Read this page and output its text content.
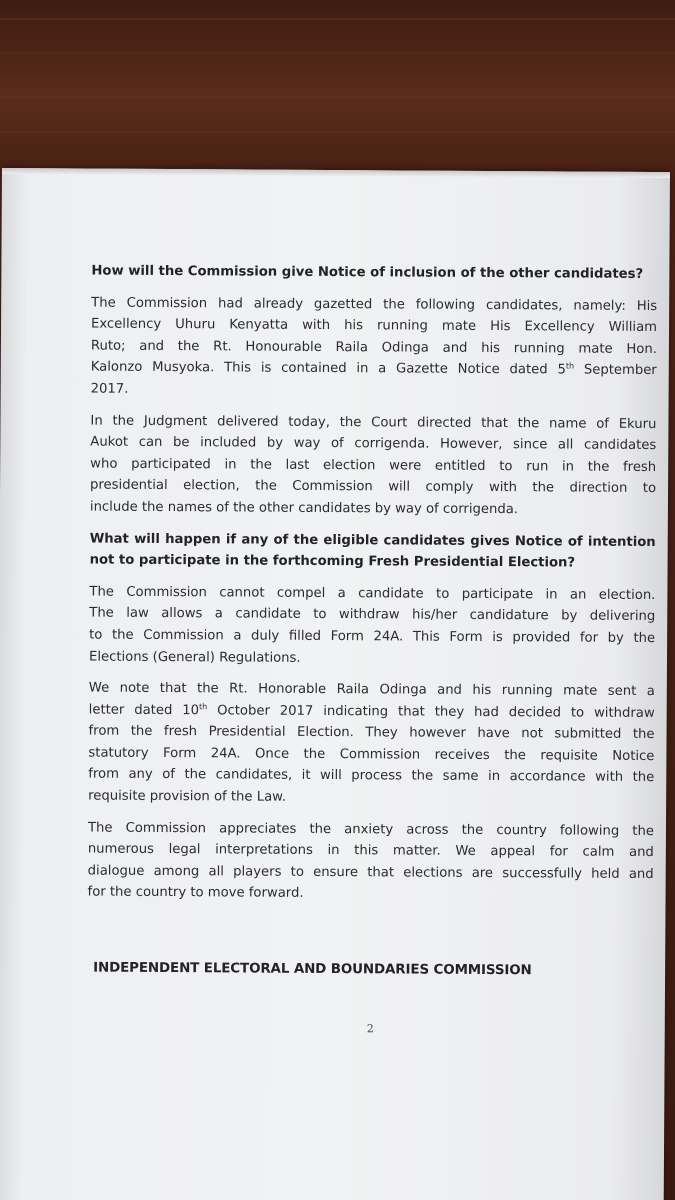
How will the Commission give Notice of inclusion of the other candidates?
The Commission had already gazetted the following candidates, namely: His
Excellency Uhuru Kenyatta with his running mate His Excellency William
Ruto; and the Rt. Honourable Raila Odinga and his running mate Hon.
Kalonzo Musyoka. This is contained in a Gazette Notice dated 5th September
2017.
In the Judgment delivered today, the Court directed that the name of Ekuru
Aukot can be included by way of corrigenda. However, since all candidates
who participated in the last election were entitled to run in the fresh
presidential election, the Commission will comply with the direction to
include the names of the other candidates by way of corrigenda.
What will happen if any of the eligible candidates gives Notice of intention
not to participate in the forthcoming Fresh Presidential Election?
The Commission cannot compel a candidate to participate in an election.
The law allows a candidate to withdraw his/her candidature by delivering
to the Commission a duly filled Form 24A. This Form is provided for by the
Elections (General) Regulations.
We note that the Rt. Honorable Raila Odinga and his running mate sent a
letter dated 10th October 2017 indicating that they had decided to withdraw
from the fresh Presidential Election. They however have not submitted the
statutory Form 24A. Once the Commission receives the requisite Notice
from any of the candidates, it will process the same in accordance with the
requisite provision of the Law.
The Commission appreciates the anxiety across the country following the
numerous legal interpretations in this matter. We appeal for calm and
dialogue among all players to ensure that elections are successfully held and
for the country to move forward.
INDEPENDENT ELECTORAL AND BOUNDARIES COMMISSION
2
